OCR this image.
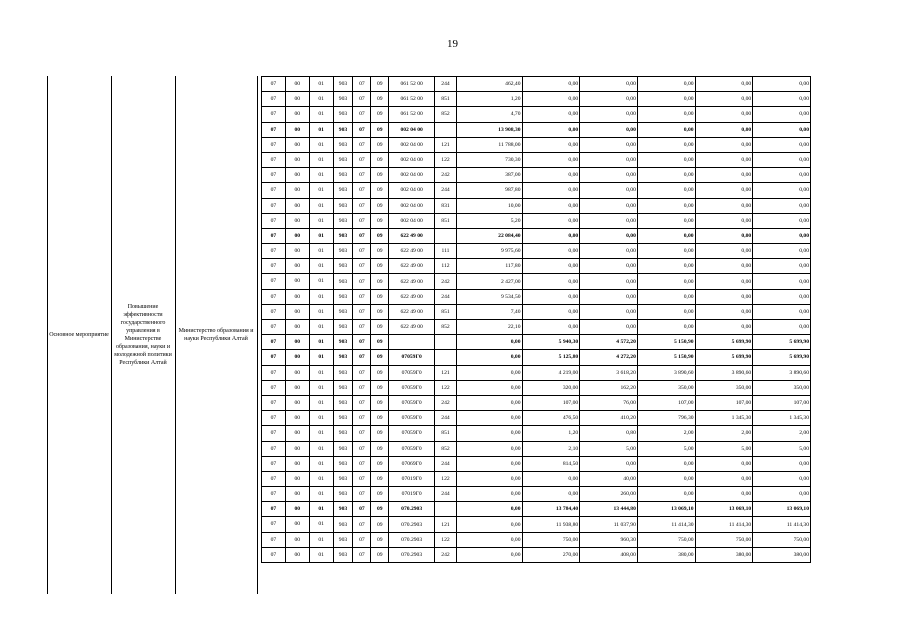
19
Основное мероприятие
Повышение эффективности государственного управления в Министерстве образования, науки и молодежной политики Республики Алтай
Министерство образования и науки Республики Алтай
07	00	01	903	07	09	061 52 00	244	462,40	0,00	0,00	0,00	0,00	0,00
07	00	01	903	07	09	061 52 00	851	1,20	0,00	0,00	0,00	0,00	0,00
07	00	01	903	07	09	061 52 00	852	4,70	0,00	0,00	0,00	0,00	0,00
07	00	01	903	07	09	002 04 00		13 908,30	0,00	0,00	0,00	0,00	0,00
07	00	01	903	07	09	002 04 00	121	11 788,00	0,00	0,00	0,00	0,00	0,00
07	00	01	903	07	09	002 04 00	122	730,30	0,00	0,00	0,00	0,00	0,00
07	00	01	903	07	09	002 04 00	242	387,00	0,00	0,00	0,00	0,00	0,00
07	00	01	903	07	09	002 04 00	244	987,80	0,00	0,00	0,00	0,00	0,00
07	00	01	903	07	09	002 04 00	831	10,00	0,00	0,00	0,00	0,00	0,00
07	00	01	903	07	09	002 04 00	851	5,20	0,00	0,00	0,00	0,00	0,00
07	00	01	903	07	09	622 49 00		22 084,40	0,00	0,00	0,00	0,00	0,00
07	00	01	903	07	09	622 49 00	111	9 975,60	0,00	0,00	0,00	0,00	0,00
07	00	01	903	07	09	622 49 00	112	117,80	0,00	0,00	0,00	0,00	0,00
07	00	01	903	07	09	622 49 00	242	2 427,00	0,00	0,00	0,00	0,00	0,00
07	00	01	903	07	09	622 49 00	244	9 534,50	0,00	0,00	0,00	0,00	0,00
07	00	01	903	07	09	622 49 00	851	7,40	0,00	0,00	0,00	0,00	0,00
07	00	01	903	07	09	622 49 00	852	22,10	0,00	0,00	0,00	0,00	0,00
07	00	01	903	07	09			0,00	5 940,30	4 572,20	5 150,90	5 699,90	5 699,90
07	00	01	903	07	09	07059Г0		0,00	5 125,80	4 272,20	5 150,90	5 699,90	5 699,90
07	00	01	903	07	09	07059Г0	121	0,00	4 219,00	3 618,20	3 890,60	3 890,60	3 890,60
07	00	01	903	07	09	07059Г0	122	0,00	320,00	162,20	350,00	350,00	350,00
07	00	01	903	07	09	07059Г0	242	0,00	107,00	76,00	107,00	107,00	107,00
07	00	01	903	07	09	07059Г0	244	0,00	476,50	410,20	796,30	1 345,30	1 345,30
07	00	01	903	07	09	07059Г0	851	0,00	1,20	0,80	2,00	2,00	2,00
07	00	01	903	07	09	07059Г0	852	0,00	2,10	5,00	5,00	5,00	5,00
07	00	01	903	07	09	07069Г0	244	0,00	814,50	0,00	0,00	0,00	0,00
07	00	01	903	07	09	07019Г0	122	0,00	0,00	40,00	0,00	0,00	0,00
07	00	01	903	07	09	07019Г0	244	0,00	0,00	260,00	0,00	0,00	0,00
07	00	01	903	07	09	070.2903		0,00	13 784,40	13 444,80	13 069,10	13 069,10	13 069,10
07	00	01	903	07	09	070.2903	121	0,00	11 938,80	11 037,90	11 414,30	11 414,30	11 414,30
07	00	01	903	07	09	070.2903	122	0,00	750,00	960,30	750,00	750,00	750,00
07	00	01	903	07	09	070.2903	242	0,00	270,00	408,00	380,00	380,00	380,00
